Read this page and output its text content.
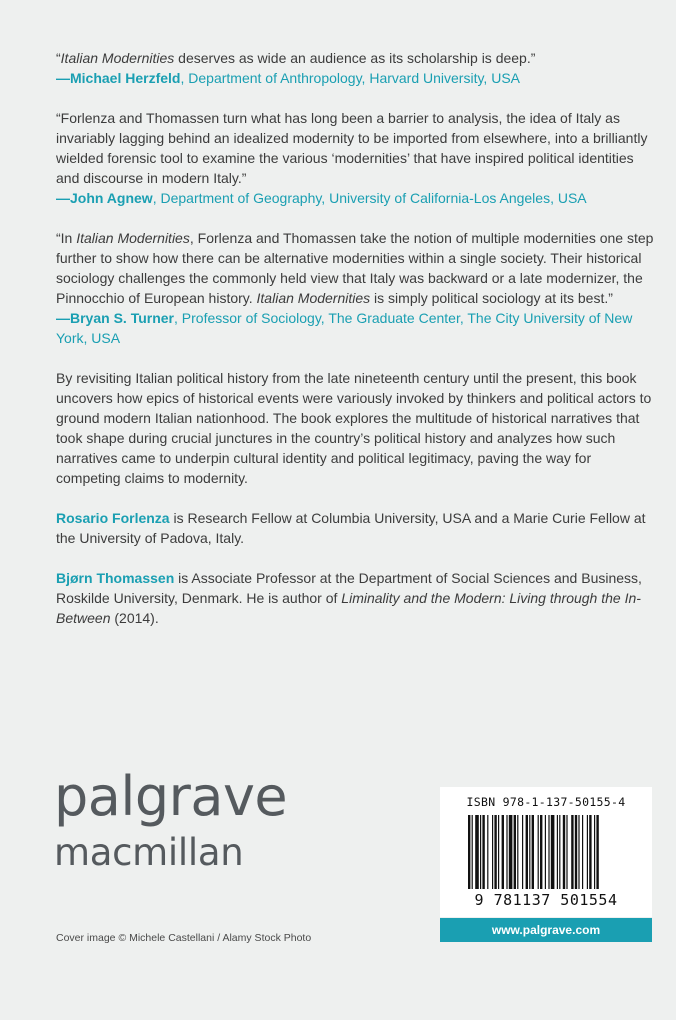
“Italian Modernities deserves as wide an audience as its scholarship is deep.”

—Michael Herzfeld, Department of Anthropology, Harvard University, USA

“Forlenza and Thomassen turn what has long been a barrier to analysis, the idea of Italy as invariably lagging behind an idealized modernity to be imported from elsewhere, into a brilliantly wielded forensic tool to examine the various ‘modernities’ that have inspired political identities and discourse in modern Italy.”

—John Agnew, Department of Geography, University of California-Los Angeles, USA

“In Italian Modernities, Forlenza and Thomassen take the notion of multiple modernities one step further to show how there can be alternative modernities within a single society. Their historical sociology challenges the commonly held view that Italy was backward or a late modernizer, the Pinnocchio of European history. Italian Modernities is simply political sociology at its best.”

—Bryan S. Turner, Professor of Sociology, The Graduate Center, The City University of New York, USA

By revisiting Italian political history from the late nineteenth century until the present, this book uncovers how epics of historical events were variously invoked by thinkers and political actors to ground modern Italian nationhood. The book explores the multitude of historical narratives that took shape during crucial junctures in the country’s political history and analyzes how such narratives came to underpin cultural identity and political legitimacy, paving the way for competing claims to modernity.

Rosario Forlenza is Research Fellow at Columbia University, USA and a Marie Curie Fellow at the University of Padova, Italy.

Bjørn Thomassen is Associate Professor at the Department of Social Sciences and Business, Roskilde University, Denmark. He is author of Liminality and the Modern: Living through the In-Between (2014).

palgrave
macmillan
Cover image © Michele Castellani / Alamy Stock Photo
ISBN 978-1-137-50155-4
9 781137 501554
www.palgrave.com
